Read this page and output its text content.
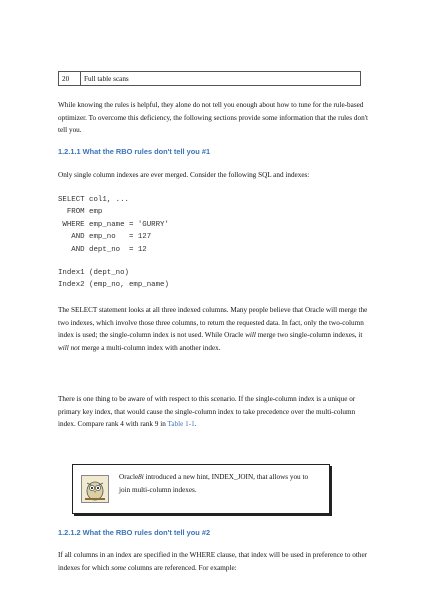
20	Full table scans

While knowing the rules is helpful, they alone do not tell you enough about how to tune for the rule-based optimizer. To overcome this deficiency, the following sections provide some information that the rules don't tell you.

1.2.1.1 What the RBO rules don't tell you #1

Only single column indexes are ever merged. Consider the following SQL and indexes:

SELECT col1, ...
FROM emp
WHERE emp_name = 'GURRY'
AND emp_no   = 127
AND dept_no  = 12
Index1 (dept_no)
Index2 (emp_no, emp_name)

The SELECT statement looks at all three indexed columns. Many people believe that Oracle will merge the two indexes, which involve those three columns, to return the requested data. In fact, only the two-column index is used; the single-column index is not used. While Oracle will merge two single-column indexes, it will not merge a multi-column index with another index.

There is one thing to be aware of with respect to this scenario. If the single-column index is a unique or primary key index, that would cause the single-column index to take precedence over the multi-column index. Compare rank 4 with rank 9 in Table 1-1.

Oracle8i introduced a new hint, INDEX_JOIN, that allows you to join multi-column indexes.
1.2.1.2 What the RBO rules don't tell you #2

If all columns in an index are specified in the WHERE clause, that index will be used in preference to other indexes for which some columns are referenced. For example:
